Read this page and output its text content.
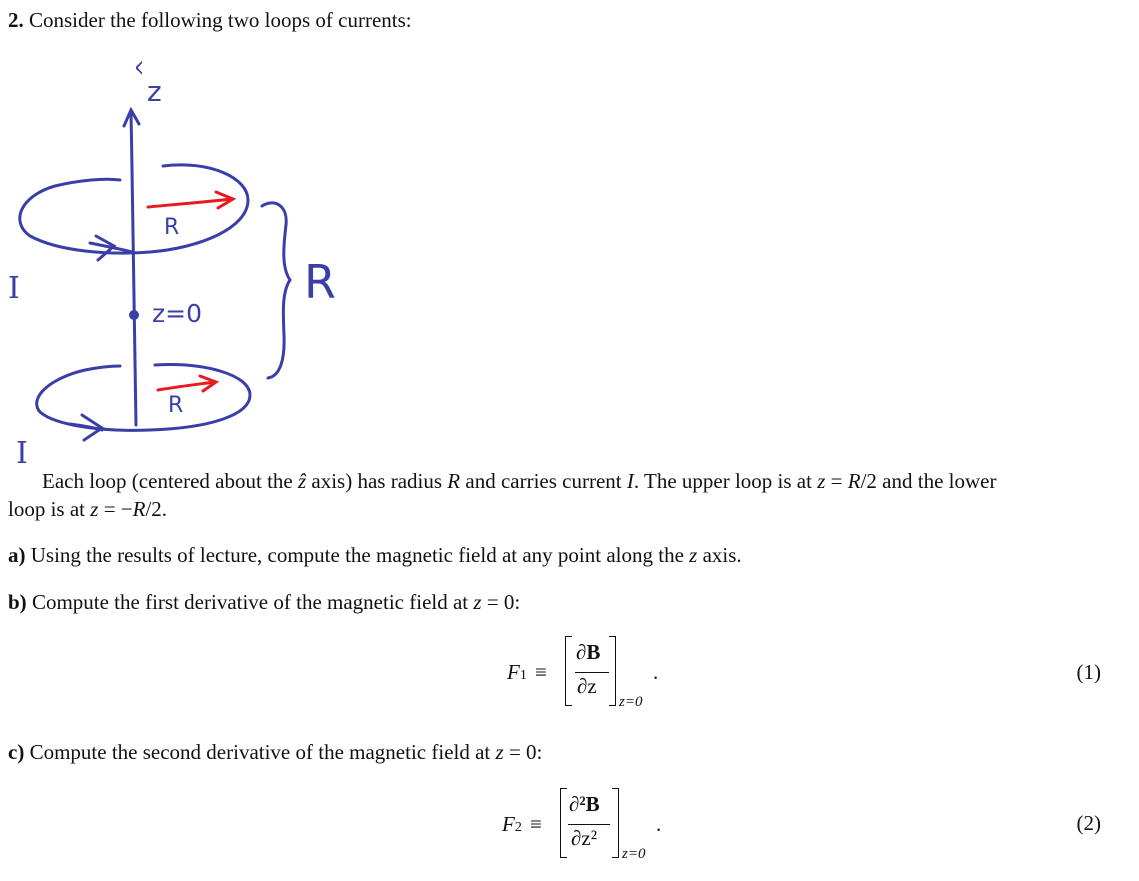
2. Consider the following two loops of currents:
^
z
R
R
R
z=0
I
I
Each loop (centered about the ẑ axis) has radius R and carries current I. The upper loop is at z = R/2 and the lower
loop is at z = −R/2.
a) Using the results of lecture, compute the magnetic field at any point along the z axis.
b) Compute the first derivative of the magnetic field at z = 0:
F1 ≡
∂B⃗
∂z
z=0
.	(1)
c) Compute the second derivative of the magnetic field at z = 0:
F2 ≡
∂²B⃗
∂z²
z=0
.	(2)
